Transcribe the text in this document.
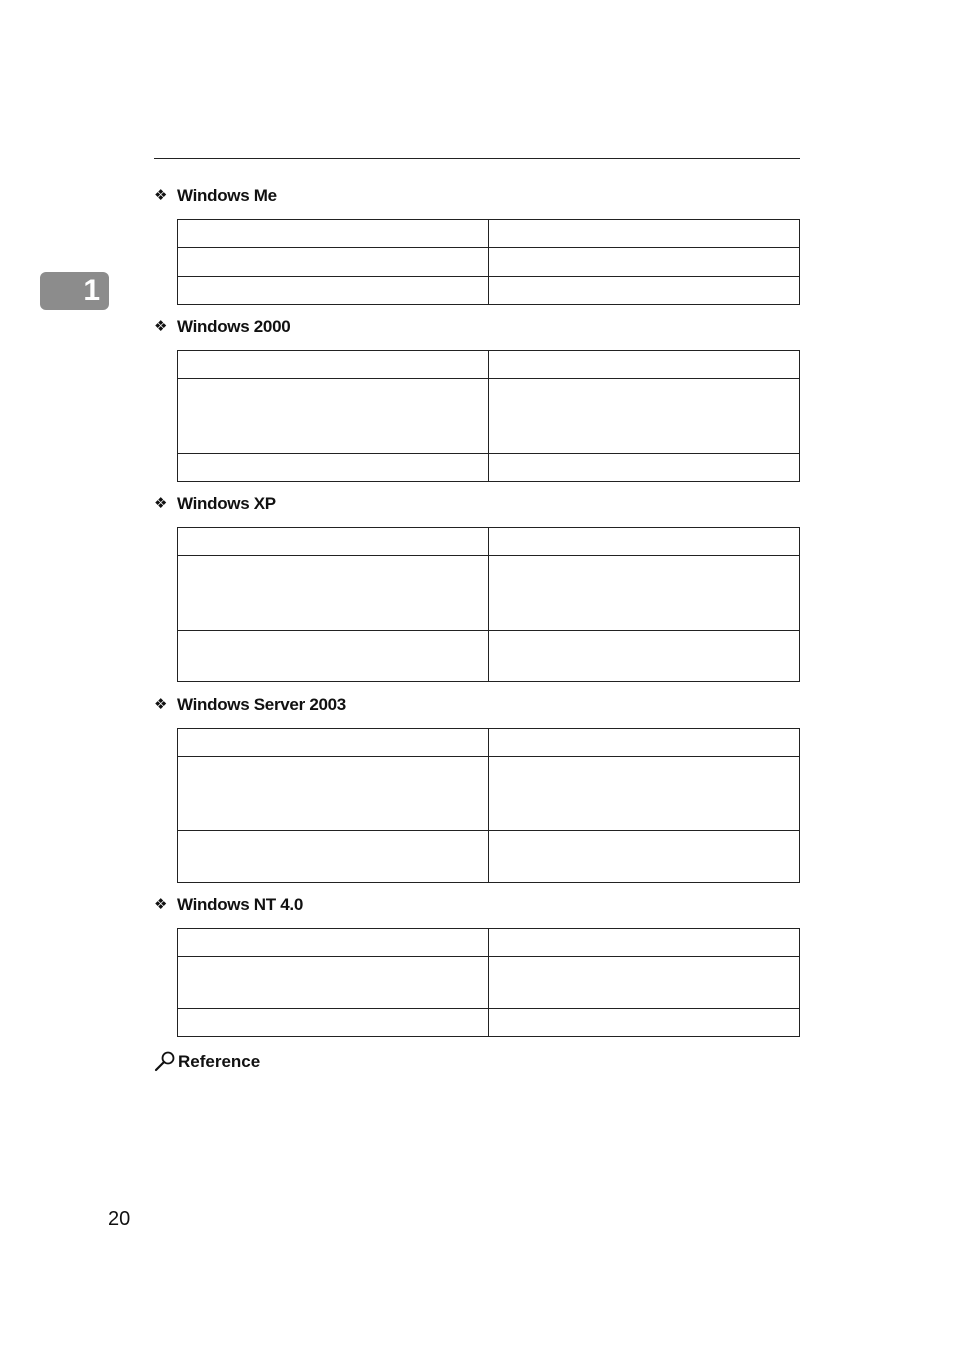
1
❖ Windows Me

❖ Windows 2000

❖ Windows XP

❖ Windows Server 2003

❖ Windows NT 4.0

Reference
20
